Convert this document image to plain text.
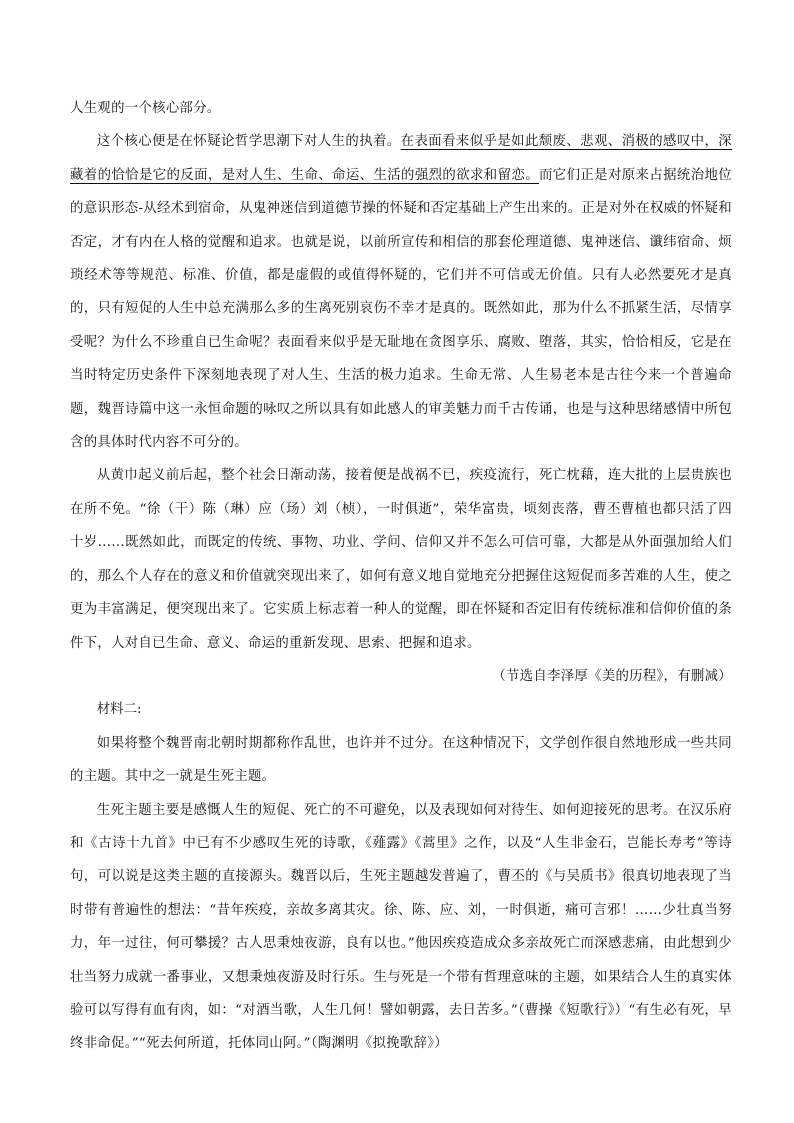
人生观的一个核心部分。

这个核心便是在怀疑论哲学思潮下对人生的执着。在表面看来似乎是如此颓废、悲观、消极的感叹中，深藏着的恰恰是它的反面，是对人生、生命、命运、生活的强烈的欲求和留恋。而它们正是对原来占据统治地位的意识形态-从经术到宿命，从鬼神迷信到道德节操的怀疑和否定基础上产生出来的。正是对外在权威的怀疑和否定，才有内在人格的觉醒和追求。也就是说，以前所宣传和相信的那套伦理道德、鬼神迷信、谶纬宿命、烦琐经术等等规范、标准、价值，都是虚假的或值得怀疑的，它们并不可信或无价值。只有人必然要死才是真的，只有短促的人生中总充满那么多的生离死别哀伤不幸才是真的。既然如此，那为什么不抓紧生活，尽情享受呢？为什么不珍重自已生命呢？表面看来似乎是无耻地在贪图享乐、腐败、堕落，其实，恰恰相反，它是在当时特定历史条件下深刻地表现了对人生、生活的极力追求。生命无常、人生易老本是古往今来一个普遍命题，魏晋诗篇中这一永恒命题的咏叹之所以具有如此感人的审美魅力而千古传诵，也是与这种思绪感情中所包含的具体时代内容不可分的。

从黄巾起义前后起，整个社会日渐动荡，接着便是战祸不已，疾疫流行，死亡枕藉，连大批的上层贵族也在所不免。“徐（干）陈（琳）应（玚）刘（桢），一时俱逝”，荣华富贵，顷刻丧落，曹丕曹植也都只活了四十岁……既然如此，而既定的传统、事物、功业、学问、信仰又并不怎么可信可靠，大都是从外面强加给人们的，那么个人存在的意义和价值就突现出来了，如何有意义地自觉地充分把握住这短促而多苦难的人生，使之更为丰富满足，便突现出来了。它实质上标志着一种人的觉醒，即在怀疑和否定旧有传统标准和信仰价值的条件下，人对自已生命、意义、命运的重新发现、思索、把握和追求。

（节选自李泽厚《美的历程》，有删减）

材料二:

如果将整个魏晋南北朝时期都称作乱世，也许并不过分。在这种情况下，文学创作很自然地形成一些共同的主题。其中之一就是生死主题。

生死主题主要是感慨人生的短促、死亡的不可避免，以及表现如何对待生、如何迎接死的思考。在汉乐府和《古诗十九首》中已有不少感叹生死的诗歌，《薤露》《蒿里》之作，以及“人生非金石，岂能长寿考”等诗句，可以说是这类主题的直接源头。魏晋以后，生死主题越发普遍了，曹丕的《与吴质书》很真切地表现了当时带有普遍性的想法：“昔年疾疫，亲故多离其灾。徐、陈、应、刘，一时俱逝，痛可言邪！……少壮真当努力，年一过往，何可攀援？古人思秉烛夜游，良有以也。”他因疾疫造成众多亲故死亡而深感悲痛，由此想到少壮当努力成就一番事业，又想秉烛夜游及时行乐。生与死是一个带有哲理意味的主题，如果结合人生的真实体验可以写得有血有肉，如：“对酒当歌，人生几何！譬如朝露，去日苦多。”（曹操《短歌行》）“有生必有死，早终非命促。”“死去何所道，托体同山阿。”（陶渊明《拟挽歌辞》）
